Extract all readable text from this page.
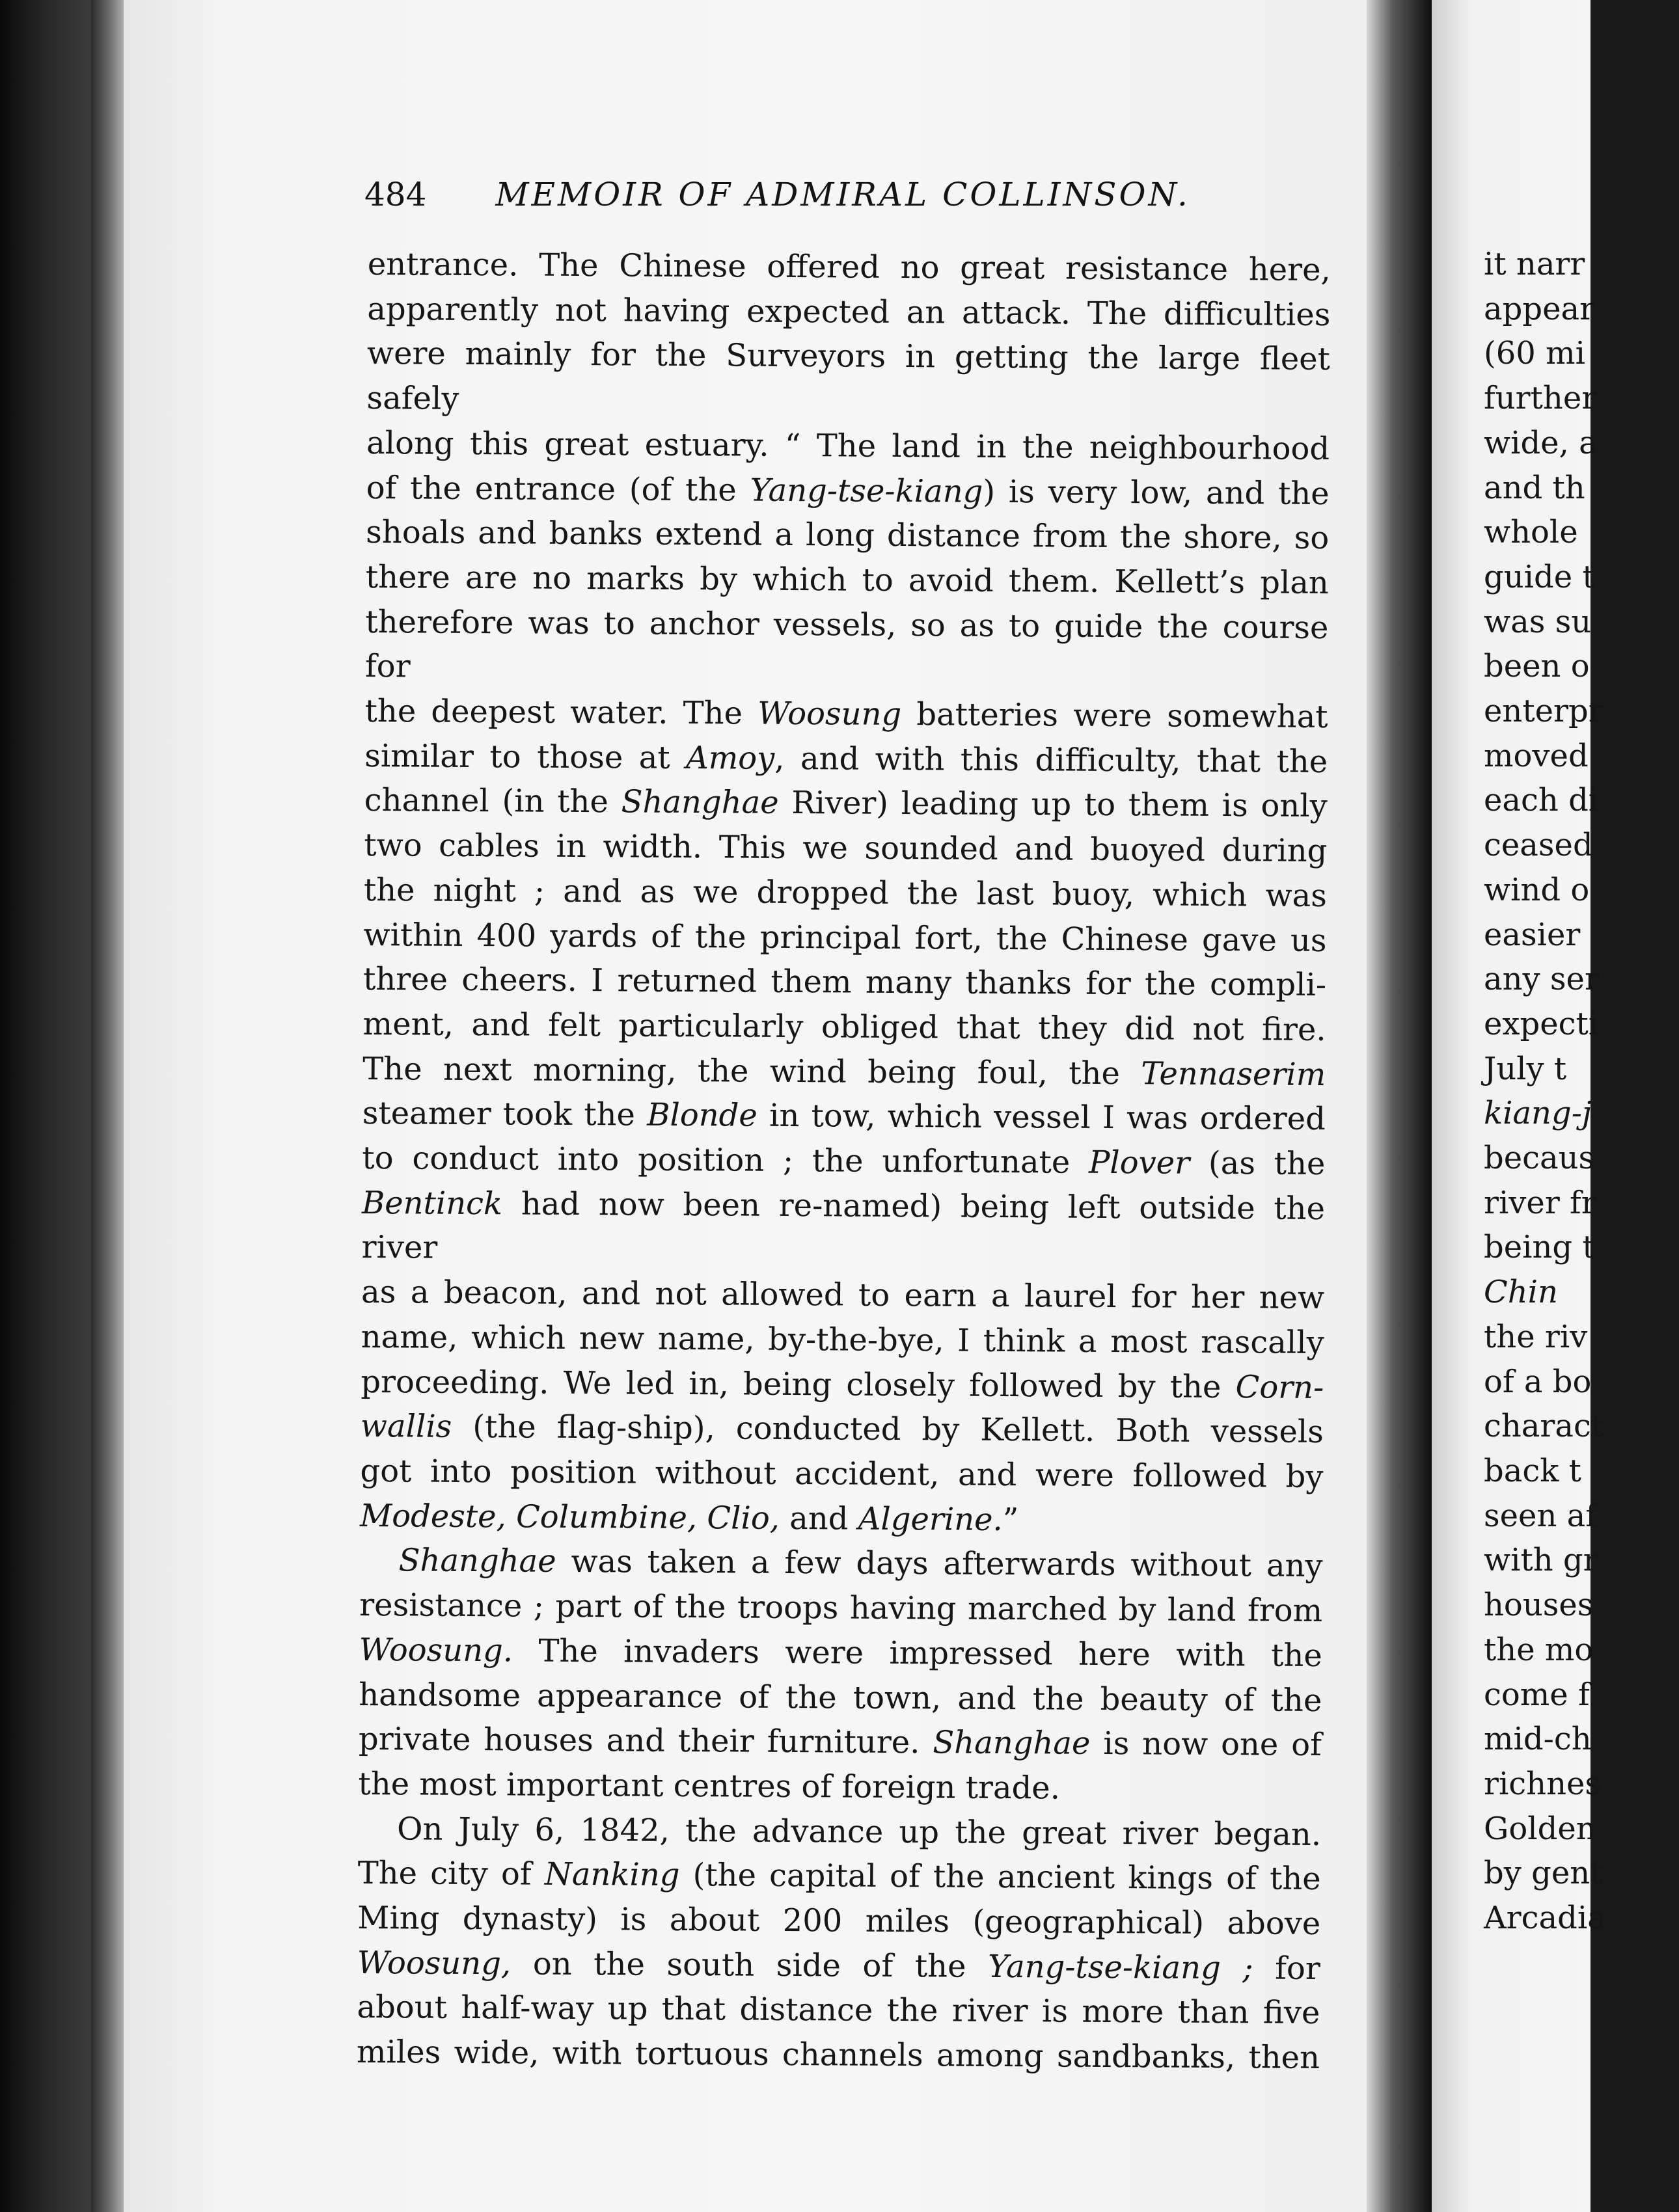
484 MEMOIR OF ADMIRAL COLLINSON.

entrance. The Chinese offered no great resistance here,

apparently not having expected an attack. The difficulties

were mainly for the Surveyors in getting the large fleet safely

along this great estuary. “ The land in the neighbourhood

of the entrance (of the Yang-tse-kiang) is very low, and the

shoals and banks extend a long distance from the shore, so

there are no marks by which to avoid them. Kellett’s plan

therefore was to anchor vessels, so as to guide the course for

the deepest water. The Woosung batteries were somewhat

similar to those at Amoy, and with this difficulty, that the

channel (in the Shanghae River) leading up to them is only

two cables in width. This we sounded and buoyed during

the night ; and as we dropped the last buoy, which was

within 400 yards of the principal fort, the Chinese gave us

three cheers. I returned them many thanks for the compli-

ment, and felt particularly obliged that they did not fire.

The next morning, the wind being foul, the Tennaserim

steamer took the Blonde in tow, which vessel I was ordered

to conduct into position ; the unfortunate Plover (as the

Bentinck had now been re-named) being left outside the river

as a beacon, and not allowed to earn a laurel for her new

name, which new name, by-the-bye, I think a most rascally

proceeding. We led in, being closely followed by the Corn-

wallis (the flag-ship), conducted by Kellett. Both vessels

got into position without accident, and were followed by

Modeste, Columbine, Clio, and Algerine.”

Shanghae was taken a few days afterwards without any

resistance ; part of the troops having marched by land from

Woosung. The invaders were impressed here with the

handsome appearance of the town, and the beauty of the

private houses and their furniture. Shanghae is now one of

the most important centres of foreign trade.

On July 6, 1842, the advance up the great river began.

The city of Nanking (the capital of the ancient kings of the

Ming dynasty) is about 200 miles (geographical) above

Woosung, on the south side of the Yang-tse-kiang ; for

about half-way up that distance the river is more than five

miles wide, with tortuous channels among sandbanks, then

it narr
appear
(60 mi
further
wide, a
and th
whole
guide t
was su
been o
enterpr
moved
each di
ceased
wind o
easier
any ser
expecti
July t
kiang-j
becaus
river fr
being t
Chin
the riv
of a bo
charact
back t
seen af
with gr
houses
the mo
come f
mid-ch
richnes
Golden
by gent
Arcadia
